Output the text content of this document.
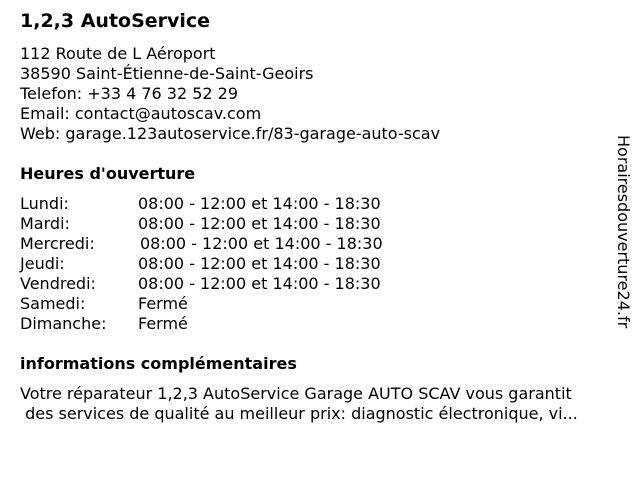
1,2,3 AutoService
112 Route de L Aéroport
38590 Saint-Étienne-de-Saint-Geoirs
Telefon: +33 4 76 32 52 29
Email: contact@autoscav.com
Web: garage.123autoservice.fr/83-garage-auto-scav
Heures d'ouverture
Lundi:	08:00 - 12:00 et 14:00 - 18:30
Mardi:	08:00 - 12:00 et 14:00 - 18:30
Mercredi:	08:00 - 12:00 et 14:00 - 18:30
Jeudi:	08:00 - 12:00 et 14:00 - 18:30
Vendredi:	08:00 - 12:00 et 14:00 - 18:30
Samedi:	Fermé
Dimanche: Fermé
informations complémentaires
Votre réparateur 1,2,3 AutoService Garage AUTO SCAV vous garantit
des services de qualité au meilleur prix: diagnostic électronique, vi...
Horairesdouverture24.fr
